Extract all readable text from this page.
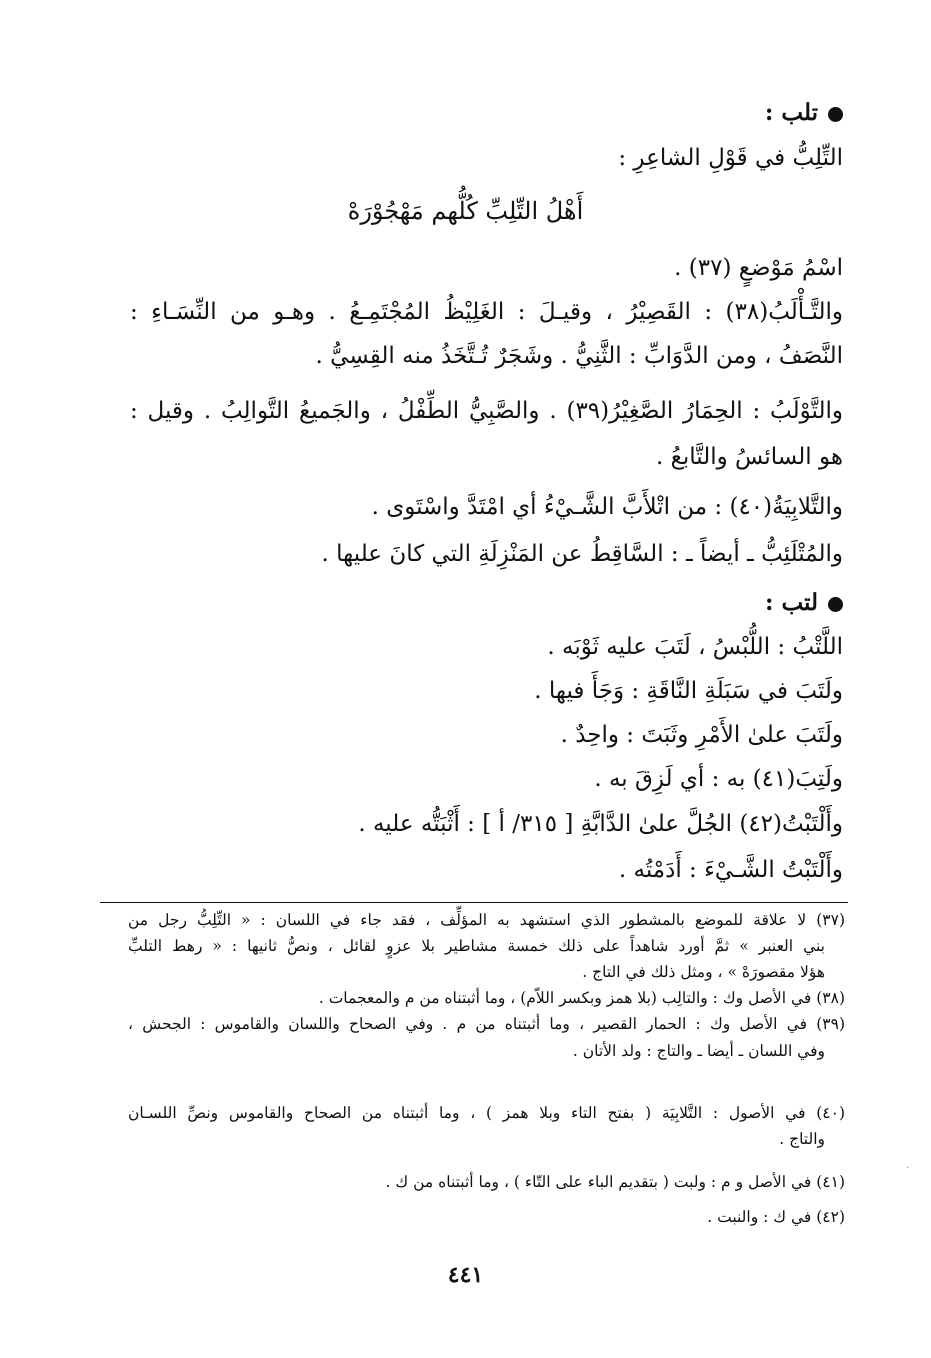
تلب :
التِّلِبُّ في قَوْلِ الشاعِرِ :
أَهْلُ التِّلِبِّ كُلُّهم مَهْجُوْرَهْ
اسْمُ مَوْضعٍ (٣٧) .
والتَّـأْلَبُ(٣٨) : القَصِيْرُ ، وقيـلَ : الغَلِيْظُ المُجْتَمِـعُ . وهـو من النِّسَـاءِ :
النَّصَفُ ، ومن الدَّوَابِّ : الثَّنِيُّ . وشَجَرٌ تُـتَّخَذُ منه القِسِيُّ .
والتَّوْلَبُ : الحِمَارُ الصَّغِيْرُ(٣٩) . والصَّبِيُّ الطِّفْلُ ، والجَميعُ التَّوالِبُ . وقيل :
هو السائسُ والتَّابعُ .
والتَّلابِيَةُ(٤٠) : من اتْلأَبَّ الشَّـيْءُ أي امْتَدَّ واسْتَوى .
والمُتْلَئِبُّ ـ أيضاً ـ : السَّاقِطُ عن المَنْزِلَةِ التي كانَ عليها .
لتب :
اللَّتْبُ : اللُّبْسُ ، لَتَبَ عليه ثَوْبَه .
ولَتَبَ في سَبَلَةِ النَّاقَةِ : وَجَأَ فيها .
ولَتَبَ علىٰ الأَمْرِ وثَبَتَ : واحِدٌ .
ولَتِبَ(٤١) به : أي لَزِقَ به .
وأَلْتَبْتُ(٤٢) الجُلَّ علىٰ الدَّابَّةِ [ ٣١٥/ أ ] : أَثْبَتُّه عليه .
وأَلْتَبْتُ الشَّـيْءَ : أَدَمْتُه .
(٣٧) لا علاقة للموضع بالمشطور الذي استشهد به المؤلِّف ، فقد جاء في اللسان : « التِّلِبُّ رجل من
بني العنبر » ثمَّ أورد شاهداً على ذلك خمسة مشاطير بلا عزوٍ لقائل ، ونصُّ ثانيها : « رهط التلبِّ
هؤلا مقصورَهْ » ، ومثل ذلك في التاج .
(٣٨) في الأصل وك : والتالِب (بلا همز وبكسر اللاّم) ، وما أثبتناه من م والمعجمات .
(٣٩) في الأصل وك : الحمار القصير ، وما أثبتناه من م . وفي الصحاح واللسان والقاموس : الجحش ،
وفي اللسان ـ أيضا ـ والتاج : ولد الأتان .
(٤٠) في الأصول : التَّلابِيَة ( بفتح التاء وبلا همز ) ، وما أثبتناه من الصحاح والقاموس ونصِّ اللسـان
والتاج .
(٤١) في الأصل و م : ولبت ( بتقديم الباء على التّاء ) ، وما أثبتناه من ك .
(٤٢) في ك : والنبت .
٤٤١
·
